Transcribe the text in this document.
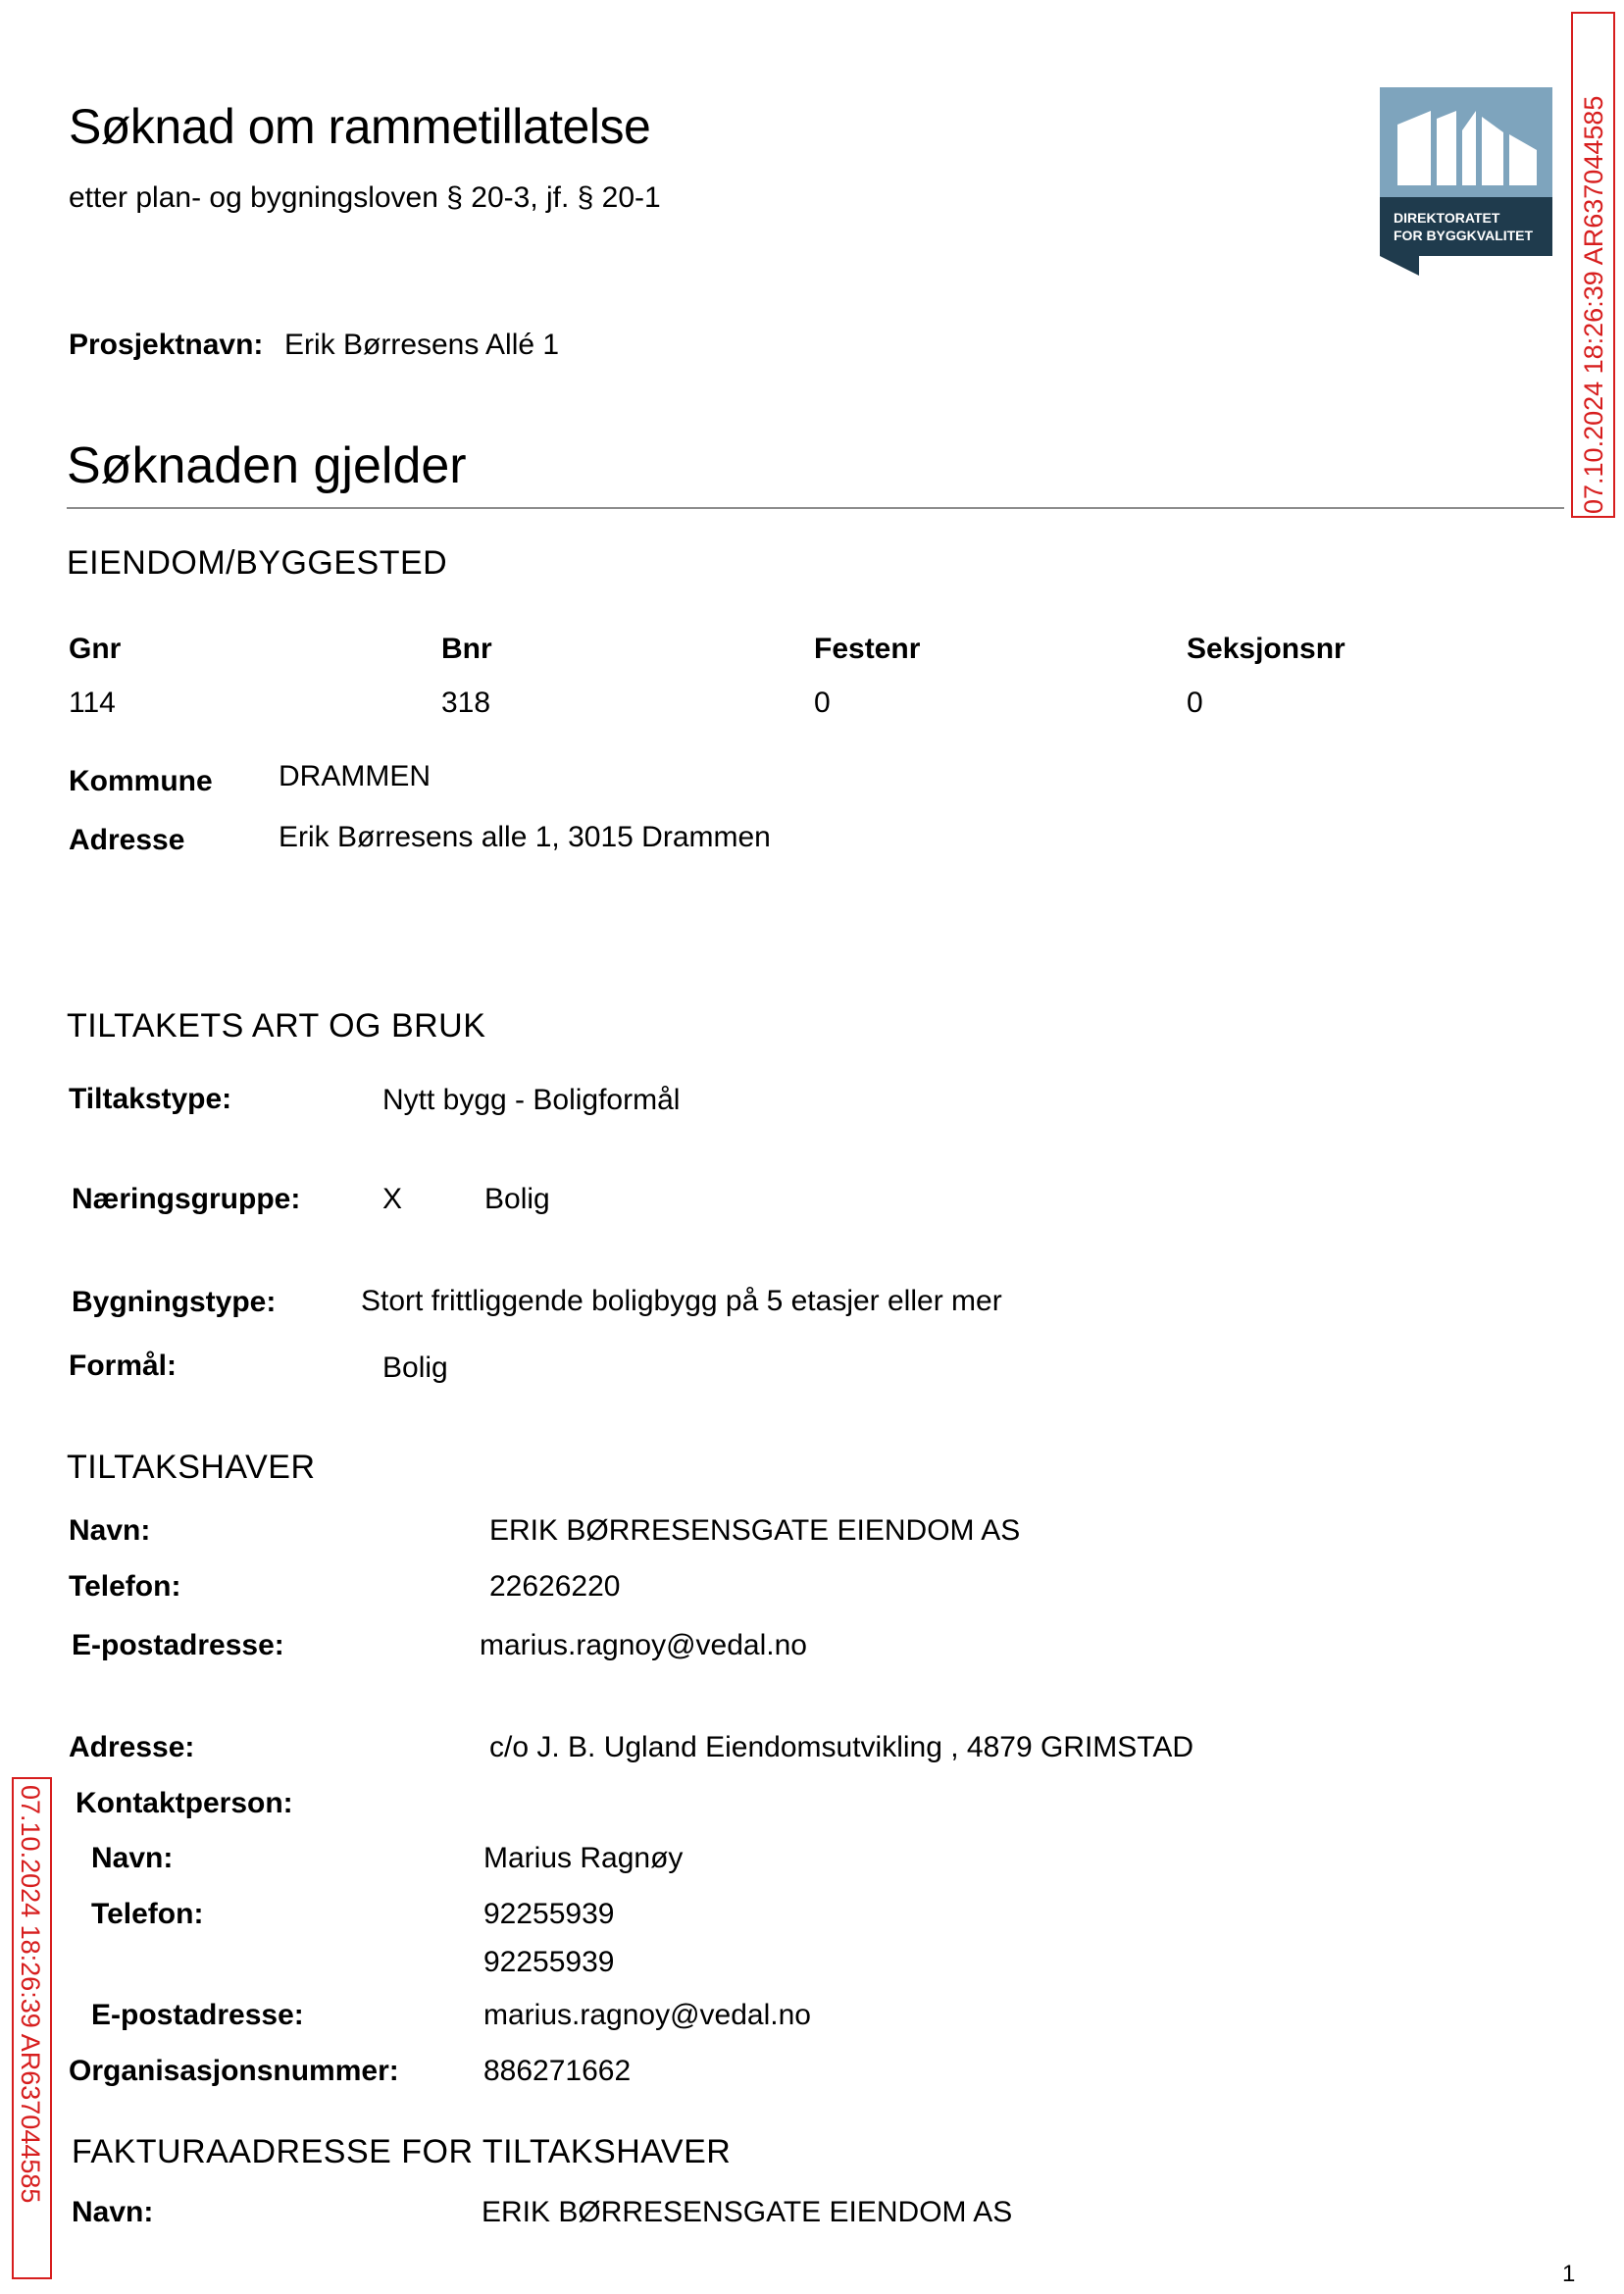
Søknad om rammetillatelse
etter plan- og bygningsloven § 20-3, jf. § 20-1
DIREKTORATET
FOR BYGGKVALITET 07.10.2024 18:26:39 AR637044585
07.10.2024 18:26:39 AR637044585
Prosjektnavn: Erik Børresens Allé 1
Søknaden gjelder
EIENDOM/BYGGESTED
Gnr	Bnr	Festenr	Seksjonsnr
114	318	0	0
Kommune DRAMMEN
Adresse	Erik Børresens alle 1, 3015 Drammen
TILTAKETS ART OG BRUK
Tiltakstype:	Nytt bygg - Boligformål
Næringsgruppe:	X	Bolig
Bygningstype:	Stort frittliggende boligbygg på 5 etasjer eller mer
Formål:	Bolig
TILTAKSHAVER
Navn:	ERIK BØRRESENSGATE EIENDOM AS
Telefon:	22626220
E-postadresse:	marius.ragnoy@vedal.no
Adresse:	c/o J. B. Ugland Eiendomsutvikling , 4879 GRIMSTAD
Kontaktperson:
Navn:	Marius Ragnøy
Telefon:	92255939
92255939
E-postadresse:	marius.ragnoy@vedal.no
Organisasjonsnummer:	886271662
FAKTURAADRESSE FOR TILTAKSHAVER
Navn:	ERIK BØRRESENSGATE EIENDOM AS
1
